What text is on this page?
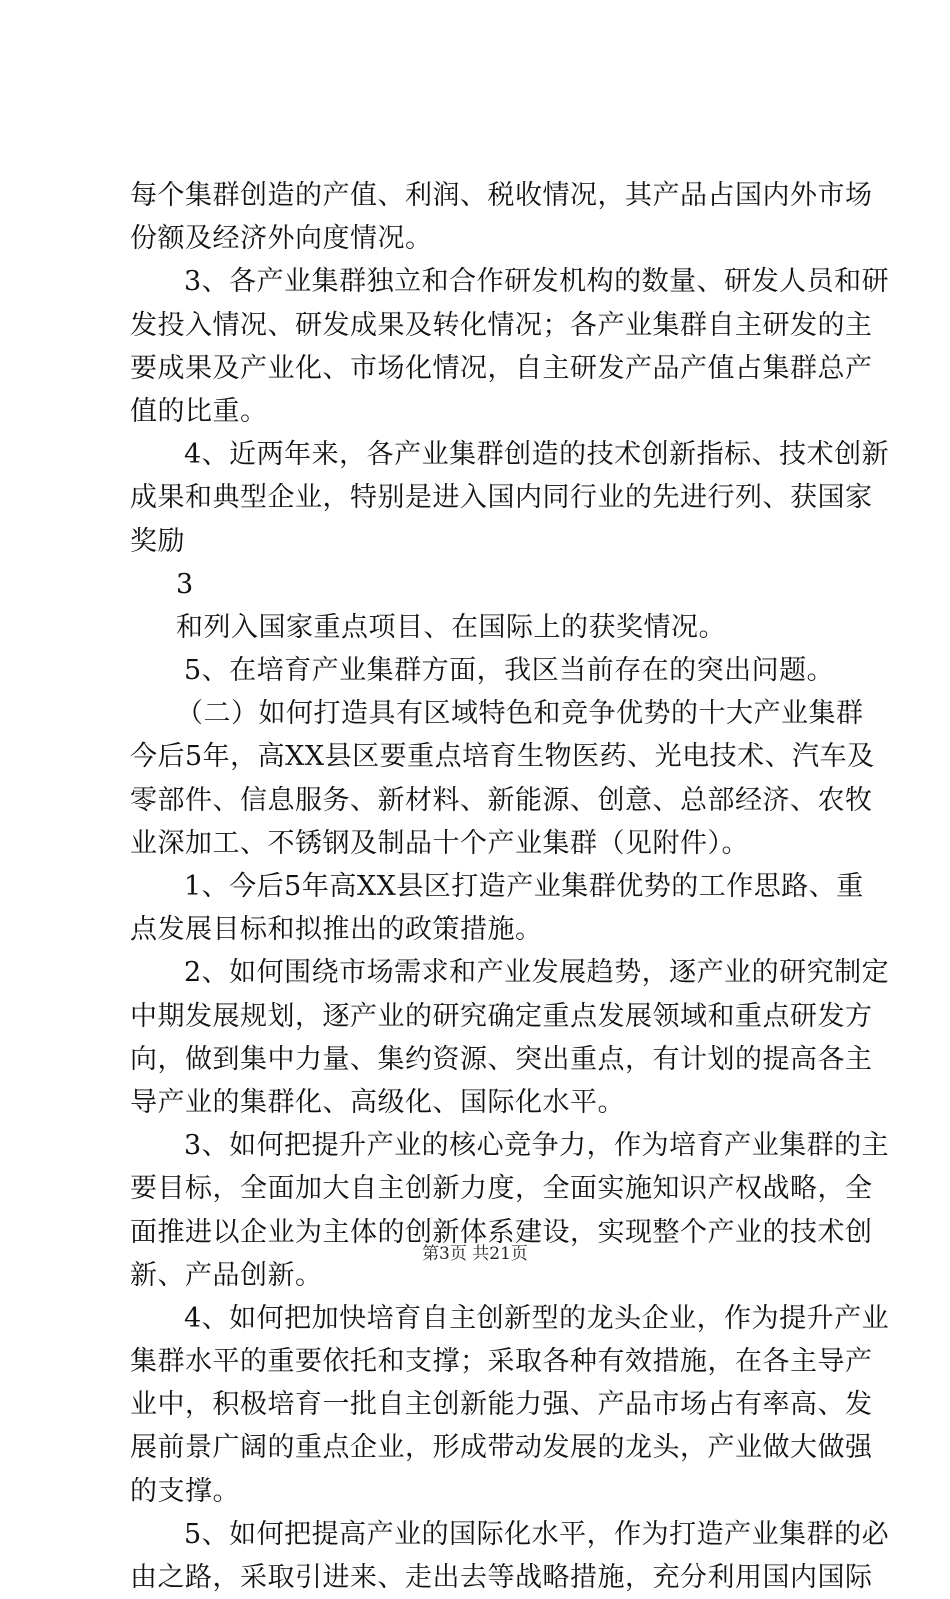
每个集群创造的产值、利润、税收情况，其产品占国内外市场
份额及经济外向度情况。
3、各产业集群独立和合作研发机构的数量、研发人员和研
发投入情况、研发成果及转化情况；各产业集群自主研发的主
要成果及产业化、市场化情况，自主研发产品产值占集群总产
值的比重。
4、近两年来，各产业集群创造的技术创新指标、技术创新
成果和典型企业，特别是进入国内同行业的先进行列、获国家
奖励
3
和列入国家重点项目、在国际上的获奖情况。
5、在培育产业集群方面，我区当前存在的突出问题。
（二）如何打造具有区域特色和竞争优势的十大产业集群
今后5年，高XX县区要重点培育生物医药、光电技术、汽车及
零部件、信息服务、新材料、新能源、创意、总部经济、农牧
业深加工、不锈钢及制品十个产业集群（见附件）。
1、今后5年高XX县区打造产业集群优势的工作思路、重
点发展目标和拟推出的政策措施。
2、如何围绕市场需求和产业发展趋势，逐产业的研究制定
中期发展规划，逐产业的研究确定重点发展领域和重点研发方
向，做到集中力量、集约资源、突出重点，有计划的提高各主
导产业的集群化、高级化、国际化水平。
3、如何把提升产业的核心竞争力，作为培育产业集群的主
要目标，全面加大自主创新力度，全面实施知识产权战略，全
面推进以企业为主体的创新体系建设，实现整个产业的技术创
新、产品创新。
4、如何把加快培育自主创新型的龙头企业，作为提升产业
集群水平的重要依托和支撑；采取各种有效措施，在各主导产
业中，积极培育一批自主创新能力强、产品市场占有率高、发
展前景广阔的重点企业，形成带动发展的龙头，产业做大做强
的支撑。
5、如何把提高产业的国际化水平，作为打造产业集群的必
由之路，采取引进来、走出去等战略措施，充分利用国内国际
第3页 共21页
